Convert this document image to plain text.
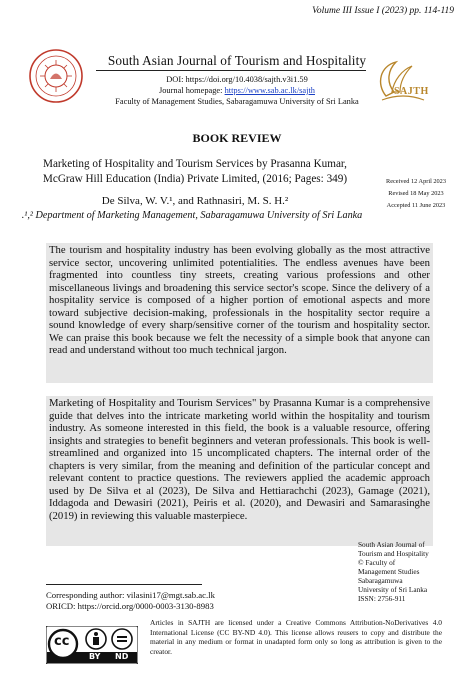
Volume III Issue I (2023) pp. 114-119
South Asian Journal of Tourism and Hospitality
DOI: https://doi.org/10.4038/sajth.v3i1.59
Journal homepage: https://www.sab.ac.lk/sajth
Faculty of Management Studies, Sabaragamuwa University of Sri Lanka
SAJTH
BOOK REVIEW
Marketing of Hospitality and Tourism Services by Prasanna Kumar,
McGraw Hill Education (India) Private Limited, (2016; Pages: 349)
De Silva, W. V.¹, and Rathnasiri, M. S. H.²
.¹,² Department of Marketing Management, Sabaragamuwa University of Sri Lanka
Received 12 April 2023
Revised 18 May 2023
Accepted 11 June 2023
The tourism and hospitality industry has been evolving globally as the most attractive service sector, uncovering unlimited potentialities. The endless avenues have been fragmented into countless tiny streets, creating various professions and other miscellaneous livings and broadening this service sector's scope. Since the delivery of a hospitality service is composed of a higher portion of emotional aspects and more toward subjective decision-making, professionals in the hospitality sector require a sound knowledge of every sharp/sensitive corner of the tourism and hospitality sector. We can praise this book because we felt the necessity of a simple book that anyone can read and understand without too much technical jargon.
Marketing of Hospitality and Tourism Services" by Prasanna Kumar is a comprehensive guide that delves into the intricate marketing world within the hospitality and tourism industry. As someone interested in this field, the book is a valuable resource, offering insights and strategies to benefit beginners and veteran professionals. This book is well-streamlined and organized into 15 uncomplicated chapters. The internal order of the chapters is very similar, from the meaning and definition of the particular concept and relevant content to practice questions. The reviewers applied the academic approach used by De Silva et al (2023), De Silva and Hettiarachchi (2023), Gamage (2021), Iddagoda and Dewasiri (2021), Peiris et al. (2020), and Dewasiri and Samarasinghe (2019) in reviewing this valuable masterpiece.
South Asian Journal of
Tourism and Hospitality
© Faculty of
Management Studies
Sabaragamuwa
University of Sri Lanka
ISSN: 2756-911
Corresponding author: vilasini17@mgt.sab.ac.lk
ORICD: https://orcid.org/0000-0003-3130-8983
cc
BY ND
Articles in SAJTH are licensed under a Creative Commons Attribution-NoDerivatives 4.0 International License (CC BY-ND 4.0). This license allows reusers to copy and distribute the material in any medium or format in unadapted form only so long as attribution is given to the creator.
